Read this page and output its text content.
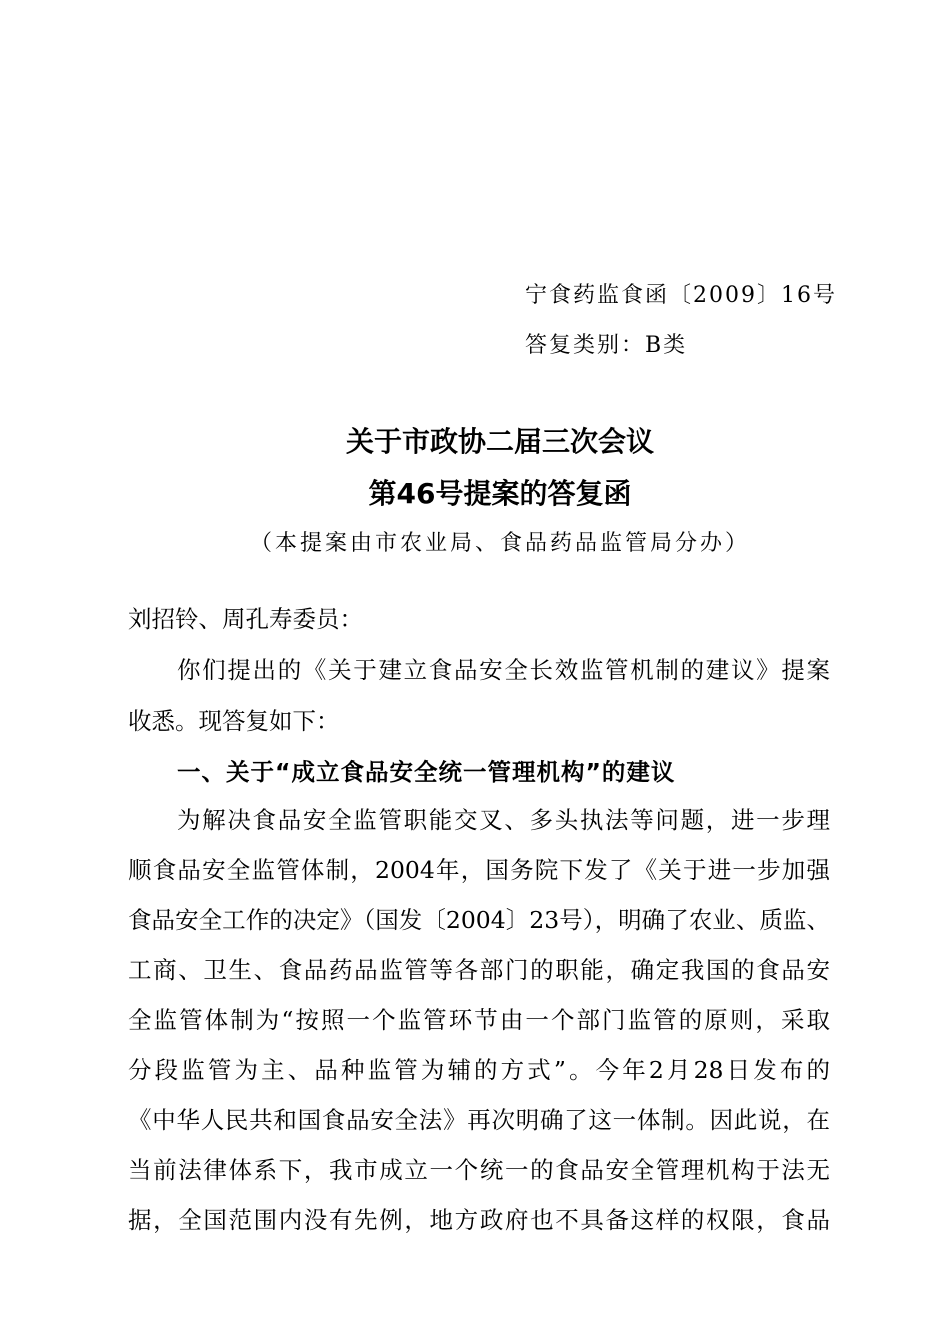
宁食药监食函〔2009〕16号
答复类别：B类
关于市政协二届三次会议
第46号提案的答复函
（本提案由市农业局、食品药品监管局分办）
刘招铃、周孔寿委员：
你们提出的《关于建立食品安全长效监管机制的建议》提案
收悉。现答复如下：
一、关于“成立食品安全统一管理机构”的建议
为解决食品安全监管职能交叉、多头执法等问题，进一步理
顺食品安全监管体制，2004年，国务院下发了《关于进一步加强
食品安全工作的决定》（国发〔2004〕23号），明确了农业、质监、
工商、卫生、食品药品监管等各部门的职能，确定我国的食品安
全监管体制为“按照一个监管环节由一个部门监管的原则，采取
分段监管为主、品种监管为辅的方式”。今年2月28日发布的
《中华人民共和国食品安全法》再次明确了这一体制。因此说，在
当前法律体系下，我市成立一个统一的食品安全管理机构于法无
据，全国范围内没有先例，地方政府也不具备这样的权限，食品
